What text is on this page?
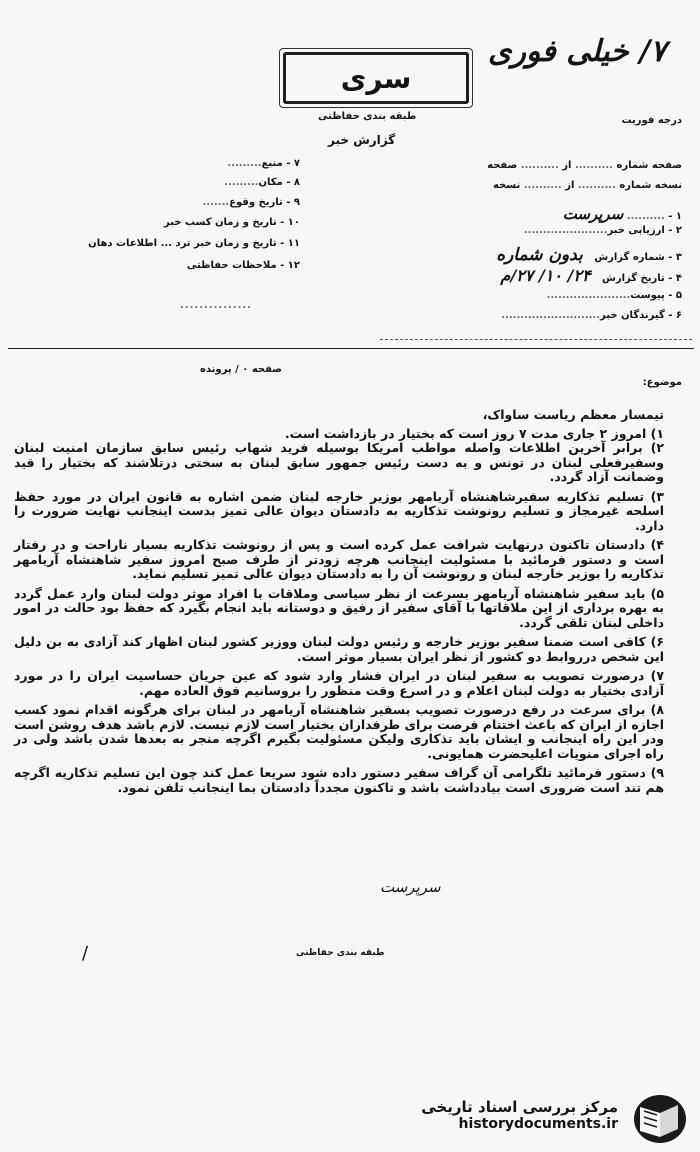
۷/ خیلی فوری
سری
طبقه بندی حفاظتی
گزارش خبر
درجه فوریت
صفحه شماره .......... از .......... صفحه
نسخه شماره .......... از .......... نسخه
۱ - .......... سرپرست
۲ - ارزیابی خبر......................
۳ - شماره گزارش بدون شماره
۴ - تاریخ گزارش ۲۴/ ۱۰/ ۲۷/م
۵ - پیوست......................
۶ - گیرندگان خبر..........................
۷ - منبع.........
۸ - مکان.........
۹ - تاریخ وقوع.......
۱۰ - تاریخ و زمان کسب خبر
۱۱ - تاریخ و زمان خبر ترد ... اطلاعات دهان
۱۲ - ملاحظات حفاظتی
...............
صفحه ۰ / پرونده
موضوع:

تیمسار معظم ریاست ساواک،

۱) امروز ۲ جاری مدت ۷ روز است که بختیار در بازداشت است.

۲) برابر آخرین اطلاعات واصله مواطب امریکا بوسیله فرید شهاب رئیس سابق سازمان امنیت لبنان وسفیرفعلی لبنان در تونس و به دست رئیس جمهور سابق لبنان به سختی درتلاشند که بختیار را قید وضمانت آزاد گردد.

۳) تسلیم تذکاریه سفیرشاهنشاه آریامهر بوزیر خارجه لبنان ضمن اشاره به قانون ایران در مورد حفظ اسلحه غیرمجاز و تسلیم رونوشت تذکاریه به دادستان دیوان عالی تمیز بدست اینجانب نهایت ضرورت را دارد.

۴) دادستان تاکنون درنهایت شرافت عمل کرده است و پس از رونوشت تذکاریه بسیار ناراحت و در رفتار است و دستور فرمائید با مسئولیت اینجانب هرچه زودتر از طرف صبح امروز سفیر شاهنشاه آریامهر تذکاریه را بوزیر خارجه لبنان و رونوشت آن را به دادستان دیوان عالی تمیز تسلیم نماید.

۵) باید سفیر شاهنشاه آریامهر بسرعت از نظر سیاسی وملاقات با افراد موثر دولت لبنان وارد عمل گردد به بهره برداری از این ملاقاتها با آقای سفیر از رفیق و دوستانه باید انجام بگیرد که حفظ بود حالت در امور داخلی لبنان تلقی گردد.

۶) کافی است ضمنا سفیر بوزیر خارجه و رئیس دولت لبنان ووزیر کشور لبنان اظهار کند آزادی به بن دلیل این شخص درروابط دو کشور از نظر ایران بسیار موثر است.

۷) درصورت تصویب به سفیر لبنان در ایران فشار وارد شود که عین جریان حساسیت ایران را در مورد آزادی بختیار به دولت لبنان اعلام و در اسرع وقت منظور را بروسانیم فوق العاده مهم.

۸) برای سرعت در رفع درصورت تصویب بسفیر شاهنشاه آریامهر در لبنان برای هرگونه اقدام نمود کسب اجازه از ایران که باعث اختتام فرصت برای طرفداران بختیار است لازم نیست. لازم باشد هدف روشن است ودر این راه اینجانب و ایشان باید تذکاری ولیکن مسئولیت بگیرم اگرچه منجر به بعدها شدن باشد ولی در راه اجرای منویات اعلیحضرت همایونی.

۹) دستور فرمائید تلگرامی آن گراف سفیر دستور داده شود سریعا عمل کند چون این تسلیم تذکاریه اگرچه هم تند است ضروری است بیادداشت باشد و تاکنون مجدداً دادستان بما اینجانب تلفن نمود.

سرپرست
طبقه بندی حفاظتی
∕
مرکز بررسی اسناد تاریخی
historydocuments.ir
